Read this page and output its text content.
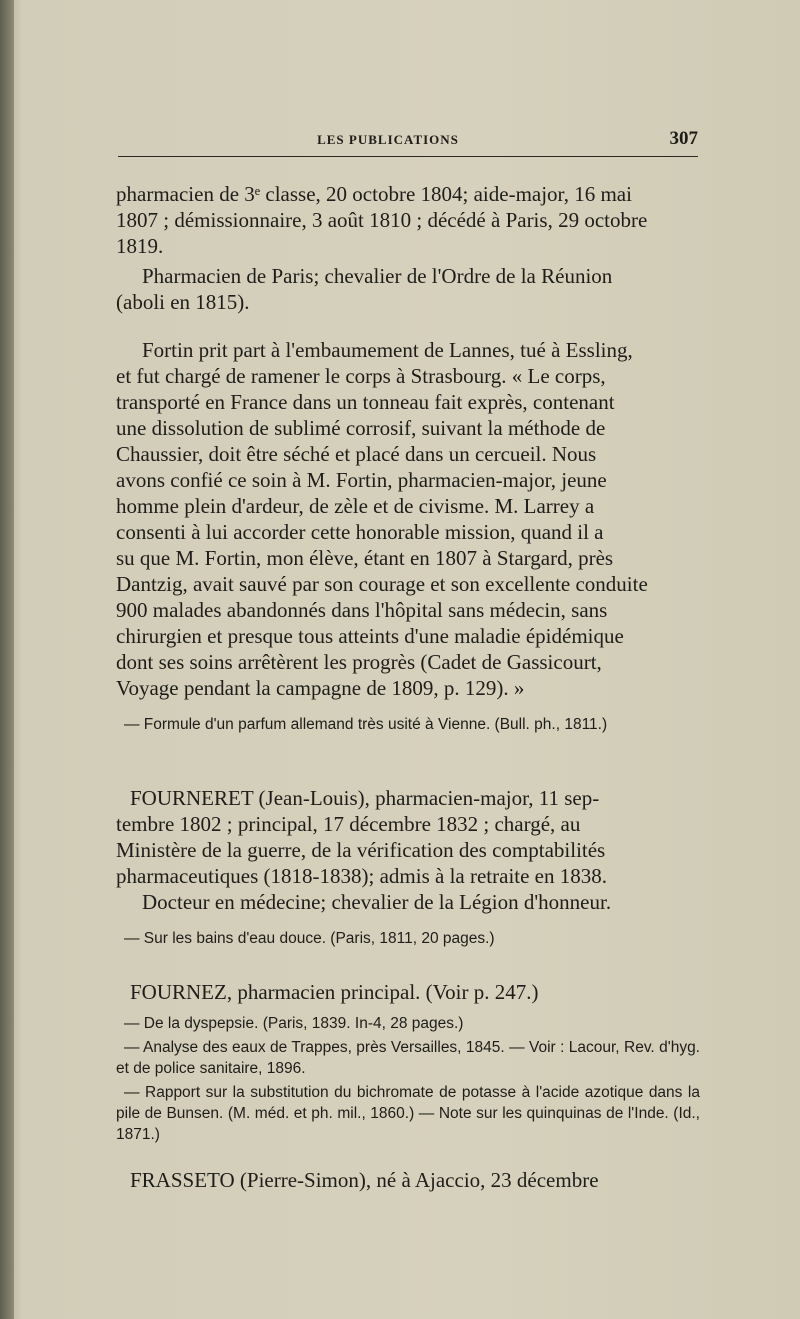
LES PUBLICATIONS	307

pharmacien de 3ᵉ classe, 20 octobre 1804; aide-major, 16 mai

1807 ; démissionnaire, 3 août 1810 ; décédé à Paris, 29 octobre

1819.

Pharmacien de Paris; chevalier de l'Ordre de la Réunion

(aboli en 1815).

Fortin prit part à l'embaumement de Lannes, tué à Essling,

et fut chargé de ramener le corps à Strasbourg. « Le corps,

transporté en France dans un tonneau fait exprès, contenant

une dissolution de sublimé corrosif, suivant la méthode de

Chaussier, doit être séché et placé dans un cercueil. Nous

avons confié ce soin à M. Fortin, pharmacien-major, jeune

homme plein d'ardeur, de zèle et de civisme. M. Larrey a

consenti à lui accorder cette honorable mission, quand il a

su que M. Fortin, mon élève, étant en 1807 à Stargard, près

Dantzig, avait sauvé par son courage et son excellente conduite

900 malades abandonnés dans l'hôpital sans médecin, sans

chirurgien et presque tous atteints d'une maladie épidémique

dont ses soins arrêtèrent les progrès (Cadet de Gassicourt,

Voyage pendant la campagne de 1809, p. 129). »

— Formule d'un parfum allemand très usité à Vienne. (Bull. ph., 1811.)

FOURNERET (Jean-Louis), pharmacien-major, 11 sep-

tembre 1802 ; principal, 17 décembre 1832 ; chargé, au

Ministère de la guerre, de la vérification des comptabilités

pharmaceutiques (1818-1838); admis à la retraite en 1838.

Docteur en médecine; chevalier de la Légion d'honneur.

— Sur les bains d'eau douce. (Paris, 1811, 20 pages.)

FOURNEZ, pharmacien principal. (Voir p. 247.)

— De la dyspepsie. (Paris, 1839. In-4, 28 pages.)

— Analyse des eaux de Trappes, près Versailles, 1845. — Voir : Lacour, Rev. d'hyg. et de police sanitaire, 1896.

— Rapport sur la substitution du bichromate de potasse à l'acide azotique dans la pile de Bunsen. (M. méd. et ph. mil., 1860.) — Note sur les quinquinas de l'Inde. (Id., 1871.)

FRASSETO (Pierre-Simon), né à Ajaccio, 23 décembre
